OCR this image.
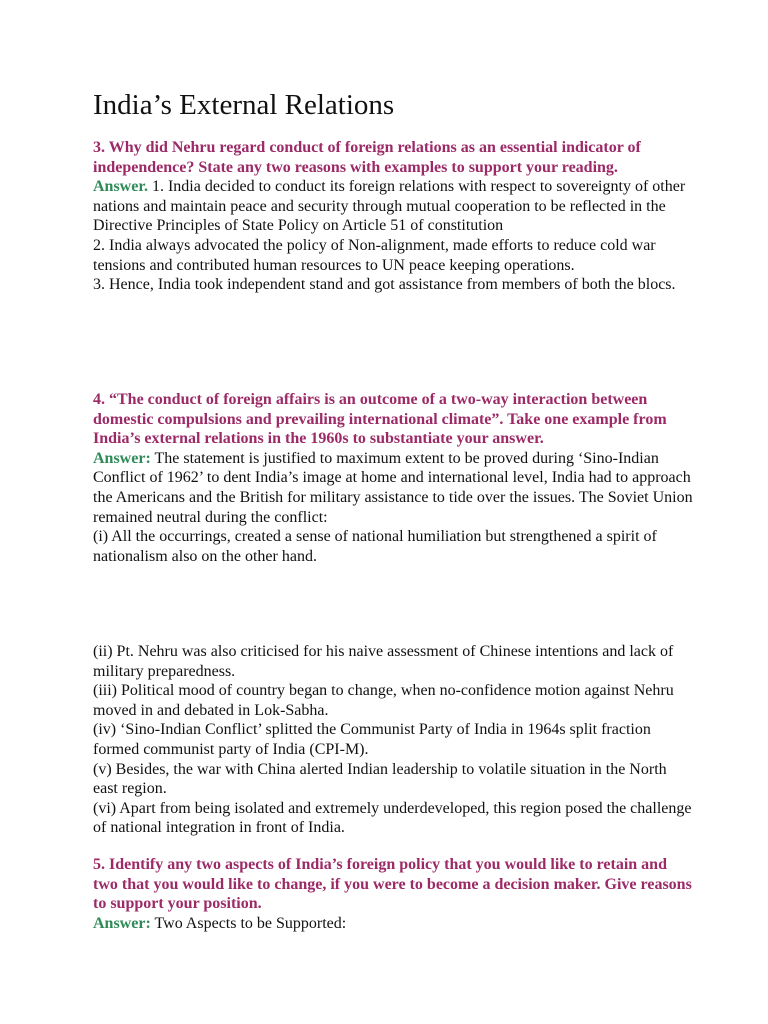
India’s External Relations

3. Why did Nehru regard conduct of foreign relations as an essential indicator of independence? State any two reasons with examples to support your reading.

Answer. 1. India decided to conduct its foreign relations with respect to sovereignty of other nations and maintain peace and security through mutual cooperation to be reflected in the Directive Principles of State Policy on Article 51 of constitution

2. India always advocated the policy of Non-alignment, made efforts to reduce cold war tensions and contributed human resources to UN peace keeping operations.

3. Hence, India took independent stand and got assistance from members of both the blocs.

4. “The conduct of foreign affairs is an outcome of a two-way interaction between domestic compulsions and prevailing international climate”. Take one example from India’s external relations in the 1960s to substantiate your answer.

Answer: The statement is justified to maximum extent to be proved during ‘Sino-Indian Conflict of 1962’ to dent India’s image at home and international level, India had to approach the Americans and the British for military assistance to tide over the issues. The Soviet Union remained neutral during the conflict:

(i) All the occurrings, created a sense of national humiliation but strengthened a spirit of nationalism also on the other hand.

(ii) Pt. Nehru was also criticised for his naive assessment of Chinese intentions and lack of military preparedness.

(iii) Political mood of country began to change, when no-confidence motion against Nehru moved in and debated in Lok-Sabha.

(iv) ‘Sino-Indian Conflict’ splitted the Communist Party of India in 1964s split fraction formed communist party of India (CPI-M).

(v) Besides, the war with China alerted Indian leadership to volatile situation in the North east region.

(vi) Apart from being isolated and extremely underdeveloped, this region posed the challenge of national integration in front of India.

5. Identify any two aspects of India’s foreign policy that you would like to retain and two that you would like to change, if you were to become a decision maker. Give reasons to support your position.

Answer: Two Aspects to be Supported:
